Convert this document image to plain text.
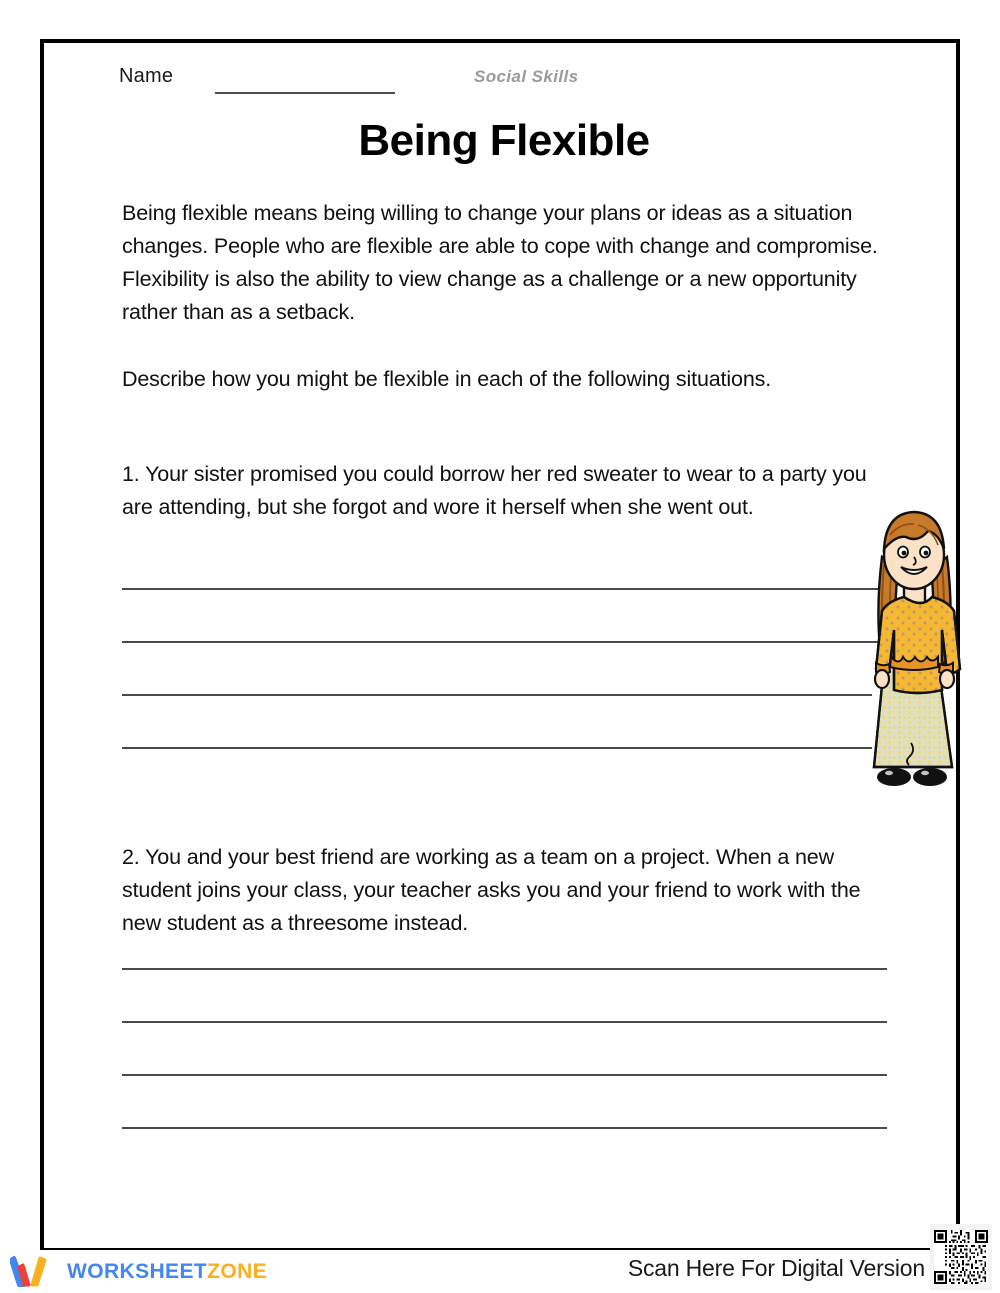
Name	Social Skills
Being Flexible

Being flexible means being willing to change your plans or ideas as a situation changes. People who are flexible are able to cope with change and compromise. Flexibility is also the ability to view change as a challenge or a new opportunity rather than as a setback.

Describe how you might be flexible in each of the following situations.

1. Your sister promised you could borrow her red sweater to wear to a party you are attending, but she forgot and wore it herself when she went out.

2. You and your best friend are working as a team on a project. When a new student joins your class, your teacher asks you and your friend to work with the new student as a threesome instead.

WORKSHEETZONE	Scan Here For Digital Version
